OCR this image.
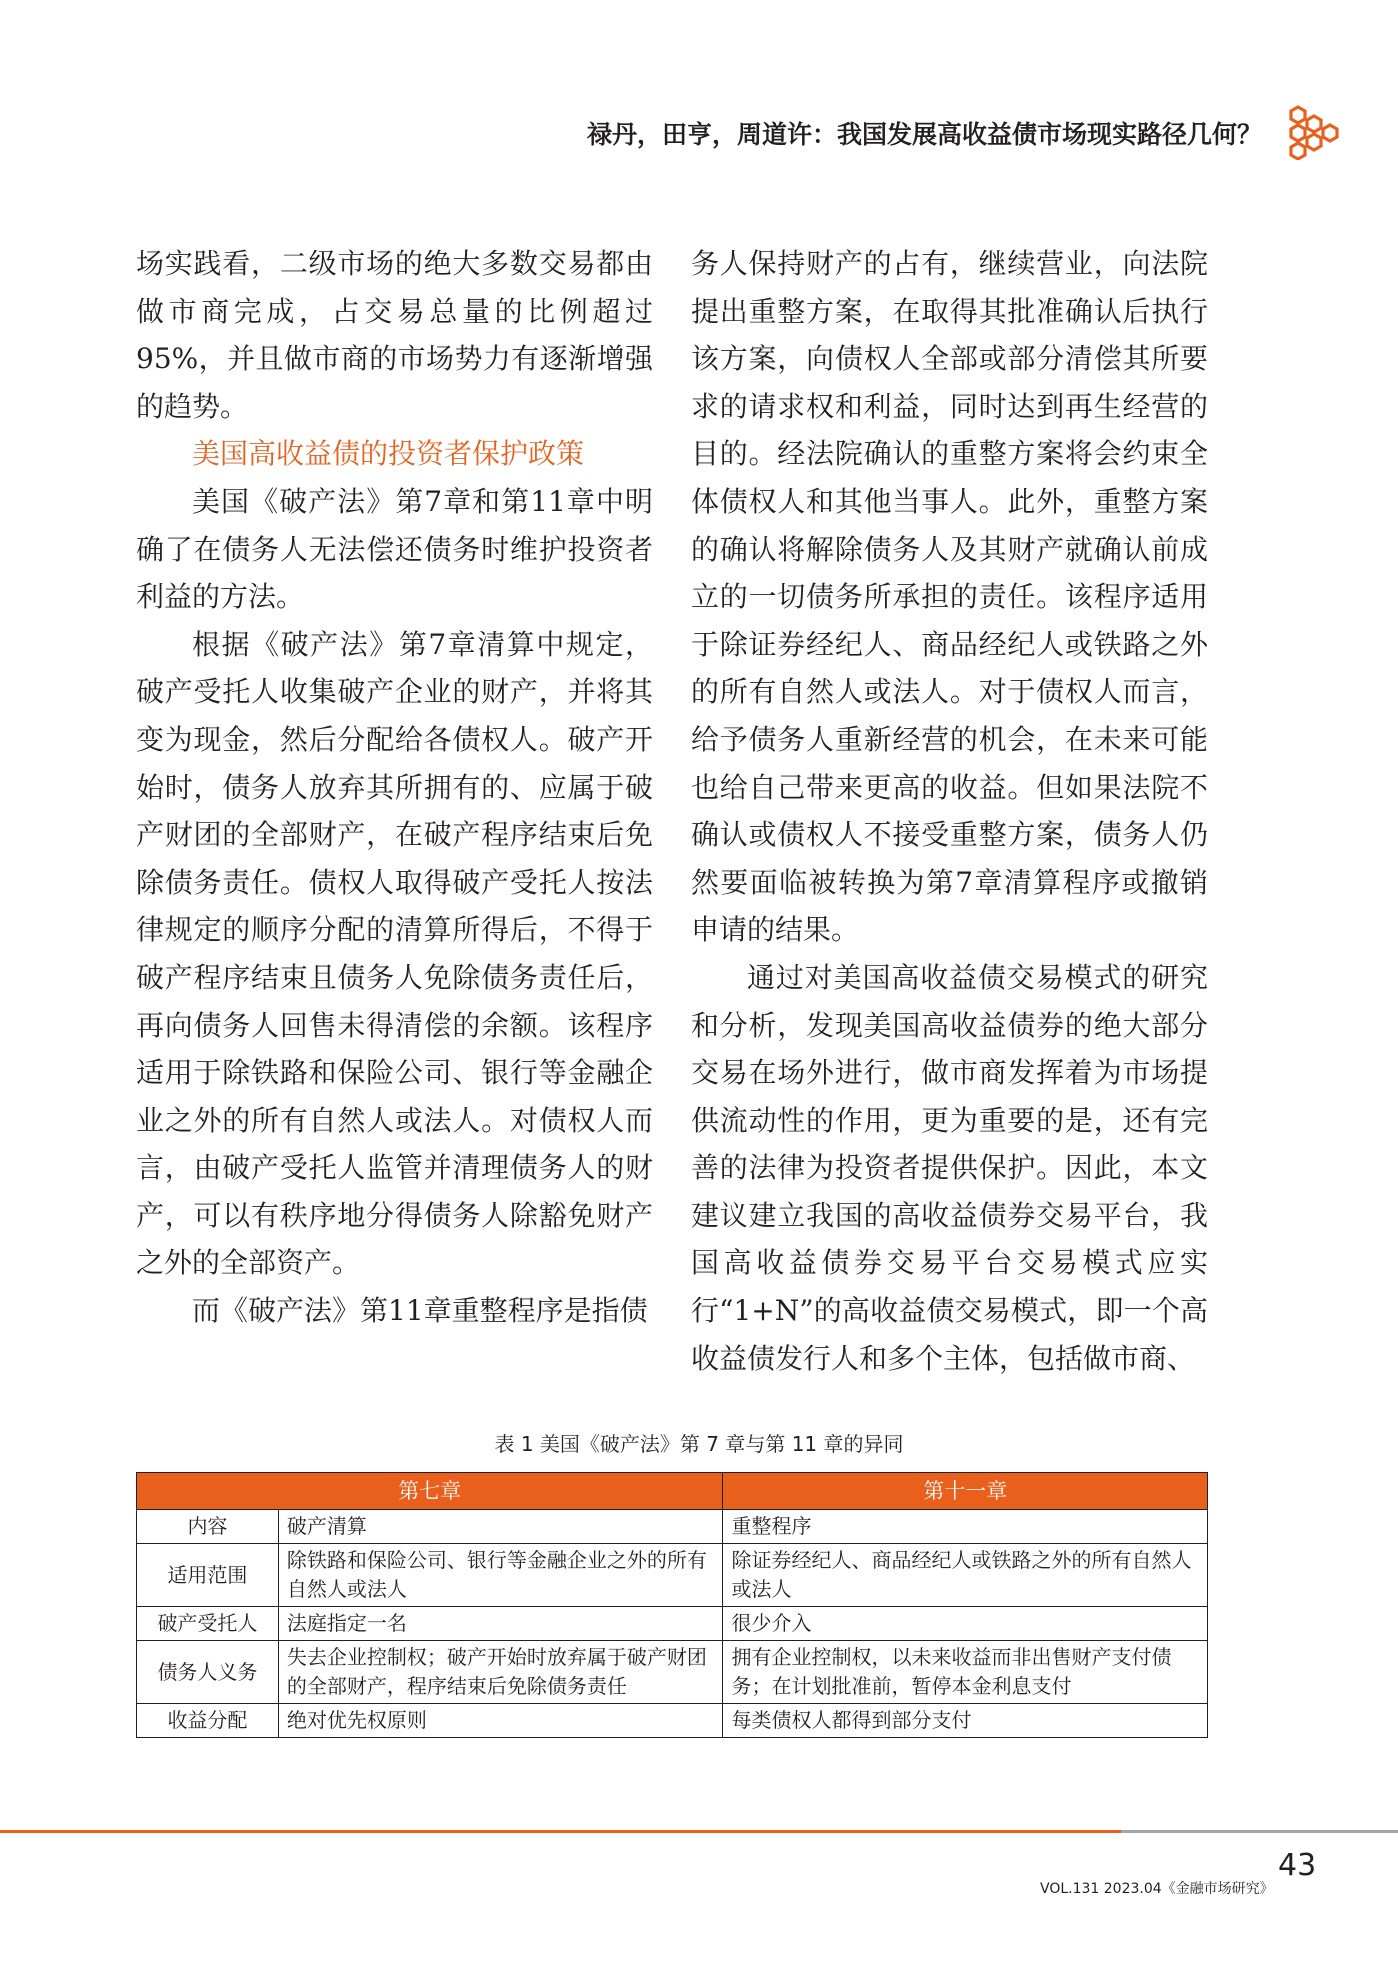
禄丹，田亨，周道许：我国发展高收益债市场现实路径几何？

场实践看，二级市场的绝大多数交易都由做市商完成，占交易总量的比例超过95%，并且做市商的市场势力有逐渐增强的趋势。

美国高收益债的投资者保护政策

美国《破产法》第7章和第11章中明确了在债务人无法偿还债务时维护投资者利益的方法。

根据《破产法》第7章清算中规定，破产受托人收集破产企业的财产，并将其变为现金，然后分配给各债权人。破产开始时，债务人放弃其所拥有的、应属于破产财团的全部财产，在破产程序结束后免除债务责任。债权人取得破产受托人按法律规定的顺序分配的清算所得后，不得于破产程序结束且债务人免除债务责任后，再向债务人回售未得清偿的余额。该程序适用于除铁路和保险公司、银行等金融企业之外的所有自然人或法人。对债权人而言，由破产受托人监管并清理债务人的财产，可以有秩序地分得债务人除豁免财产之外的全部资产。

而《破产法》第11章重整程序是指债

务人保持财产的占有，继续营业，向法院提出重整方案，在取得其批准确认后执行该方案，向债权人全部或部分清偿其所要求的请求权和利益，同时达到再生经营的目的。经法院确认的重整方案将会约束全体债权人和其他当事人。此外，重整方案的确认将解除债务人及其财产就确认前成立的一切债务所承担的责任。该程序适用于除证券经纪人、商品经纪人或铁路之外的所有自然人或法人。对于债权人而言，给予债务人重新经营的机会，在未来可能也给自己带来更高的收益。但如果法院不确认或债权人不接受重整方案，债务人仍然要面临被转换为第7章清算程序或撤销申请的结果。

通过对美国高收益债交易模式的研究和分析，发现美国高收益债券的绝大部分交易在场外进行，做市商发挥着为市场提供流动性的作用，更为重要的是，还有完善的法律为投资者提供保护。因此，本文建议建立我国的高收益债券交易平台，我国高收益债券交易平台交易模式应实行“1+N”的高收益债交易模式，即一个高收益债发行人和多个主体，包括做市商、

表 1 美国《破产法》第 7 章与第 11 章的异同
第七章		第十一章
内容	破产清算	重整程序
适用范围	除铁路和保险公司、银行等金融企业之外的所有自然人或法人	除证券经纪人、商品经纪人或铁路之外的所有自然人或法人
破产受托人	法庭指定一名	很少介入
债务人义务	失去企业控制权；破产开始时放弃属于破产财团的全部财产，程序结束后免除债务责任	拥有企业控制权，以未来收益而非出售财产支付债务；在计划批准前，暂停本金利息支付
收益分配	绝对优先权原则	每类债权人都得到部分支付
VOL.131 2023.04《金融市场研究》
43
